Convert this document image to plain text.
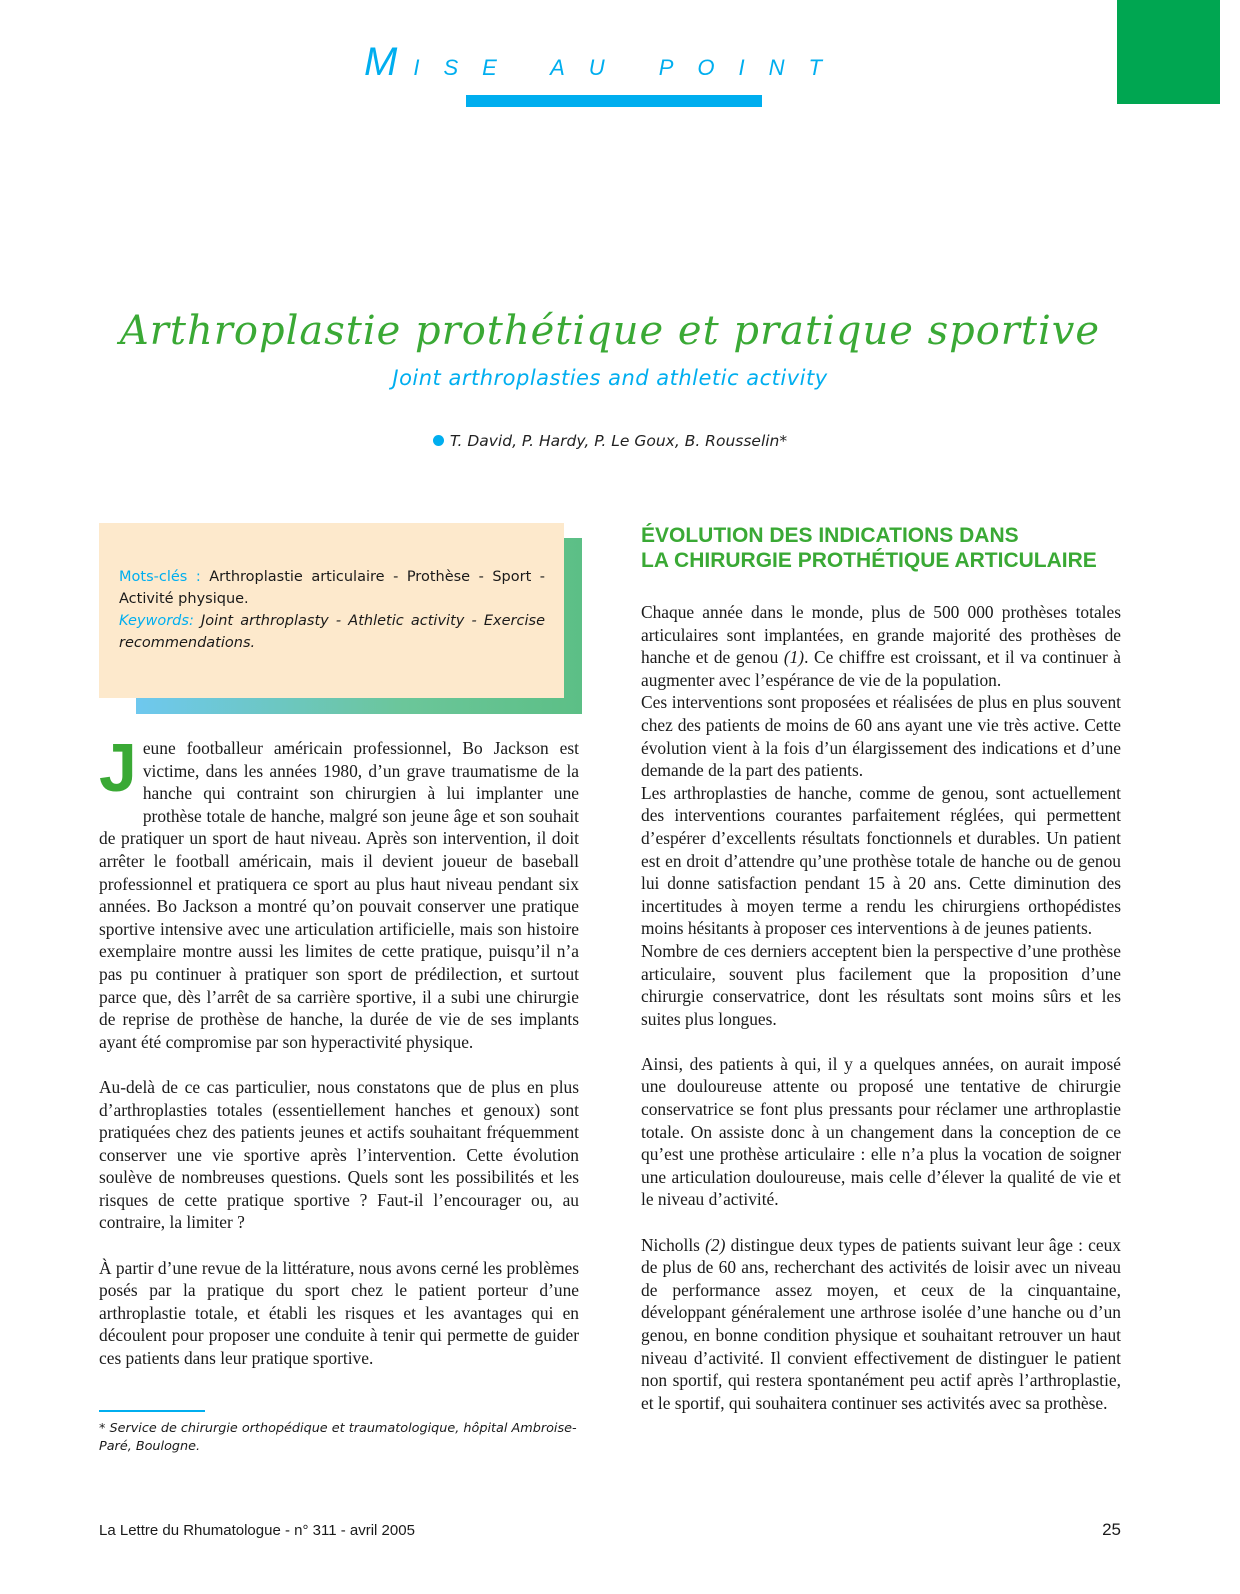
MISE AU POINT
Arthroplastie prothétique et pratique sportive
Joint arthroplasties and athletic activity
T. David, P. Hardy, P. Le Goux, B. Rousselin*
Mots-clés : Arthroplastie articulaire - Prothèse - Sport - Activité physique.
Keywords: Joint arthroplasty - Athletic activity - Exercise recommendations.

Jeune footballeur américain professionnel, Bo Jackson est victime, dans les années 1980, d’un grave traumatisme de la hanche qui contraint son chirurgien à lui implanter une prothèse totale de hanche, malgré son jeune âge et son souhait de pratiquer un sport de haut niveau. Après son intervention, il doit arrêter le football américain, mais il devient joueur de baseball professionnel et pratiquera ce sport au plus haut niveau pendant six années. Bo Jackson a montré qu’on pouvait conserver une pratique sportive intensive avec une articulation artificielle, mais son histoire exemplaire montre aussi les limites de cette pratique, puisqu’il n’a pas pu continuer à pratiquer son sport de prédilection, et surtout parce que, dès l’arrêt de sa carrière sportive, il a subi une chirurgie de reprise de prothèse de hanche, la durée de vie de ses implants ayant été compromise par son hyperactivité physique.

Au-delà de ce cas particulier, nous constatons que de plus en plus d’arthroplasties totales (essentiellement hanches et genoux) sont pratiquées chez des patients jeunes et actifs souhaitant fréquemment conserver une vie sportive après l’intervention. Cette évolution soulève de nombreuses questions. Quels sont les possibilités et les risques de cette pratique sportive ? Faut-il l’encourager ou, au contraire, la limiter ?

À partir d’une revue de la littérature, nous avons cerné les problèmes posés par la pratique du sport chez le patient porteur d’une arthroplastie totale, et établi les risques et les avantages qui en découlent pour proposer une conduite à tenir qui permette de guider ces patients dans leur pratique sportive.

ÉVOLUTION DES INDICATIONS DANS
LA CHIRURGIE PROTHÉTIQUE ARTICULAIRE

Chaque année dans le monde, plus de 500 000 prothèses totales articulaires sont implantées, en grande majorité des prothèses de hanche et de genou (1). Ce chiffre est croissant, et il va continuer à augmenter avec l’espérance de vie de la population.

Ces interventions sont proposées et réalisées de plus en plus souvent chez des patients de moins de 60 ans ayant une vie très active. Cette évolution vient à la fois d’un élargissement des indications et d’une demande de la part des patients.

Les arthroplasties de hanche, comme de genou, sont actuellement des interventions courantes parfaitement réglées, qui permettent d’espérer d’excellents résultats fonctionnels et durables. Un patient est en droit d’attendre qu’une prothèse totale de hanche ou de genou lui donne satisfaction pendant 15 à 20 ans. Cette diminution des incertitudes à moyen terme a rendu les chirurgiens orthopédistes moins hésitants à proposer ces interventions à de jeunes patients.

Nombre de ces derniers acceptent bien la perspective d’une prothèse articulaire, souvent plus facilement que la proposition d’une chirurgie conservatrice, dont les résultats sont moins sûrs et les suites plus longues.

Ainsi, des patients à qui, il y a quelques années, on aurait imposé une douloureuse attente ou proposé une tentative de chirurgie conservatrice se font plus pressants pour réclamer une arthroplastie totale. On assiste donc à un changement dans la conception de ce qu’est une prothèse articulaire : elle n’a plus la vocation de soigner une articulation douloureuse, mais celle d’élever la qualité de vie et le niveau d’activité.

Nicholls (2) distingue deux types de patients suivant leur âge : ceux de plus de 60 ans, recherchant des activités de loisir avec un niveau de performance assez moyen, et ceux de la cinquantaine, développant généralement une arthrose isolée d’une hanche ou d’un genou, en bonne condition physique et souhaitant retrouver un haut niveau d’activité. Il convient effectivement de distinguer le patient non sportif, qui restera spontanément peu actif après l’arthroplastie, et le sportif, qui souhaitera continuer ses activités avec sa prothèse.

* Service de chirurgie orthopédique et traumatologique, hôpital Ambroise-Paré, Boulogne.
La Lettre du Rhumatologue - n° 311 - avril 2005	25
